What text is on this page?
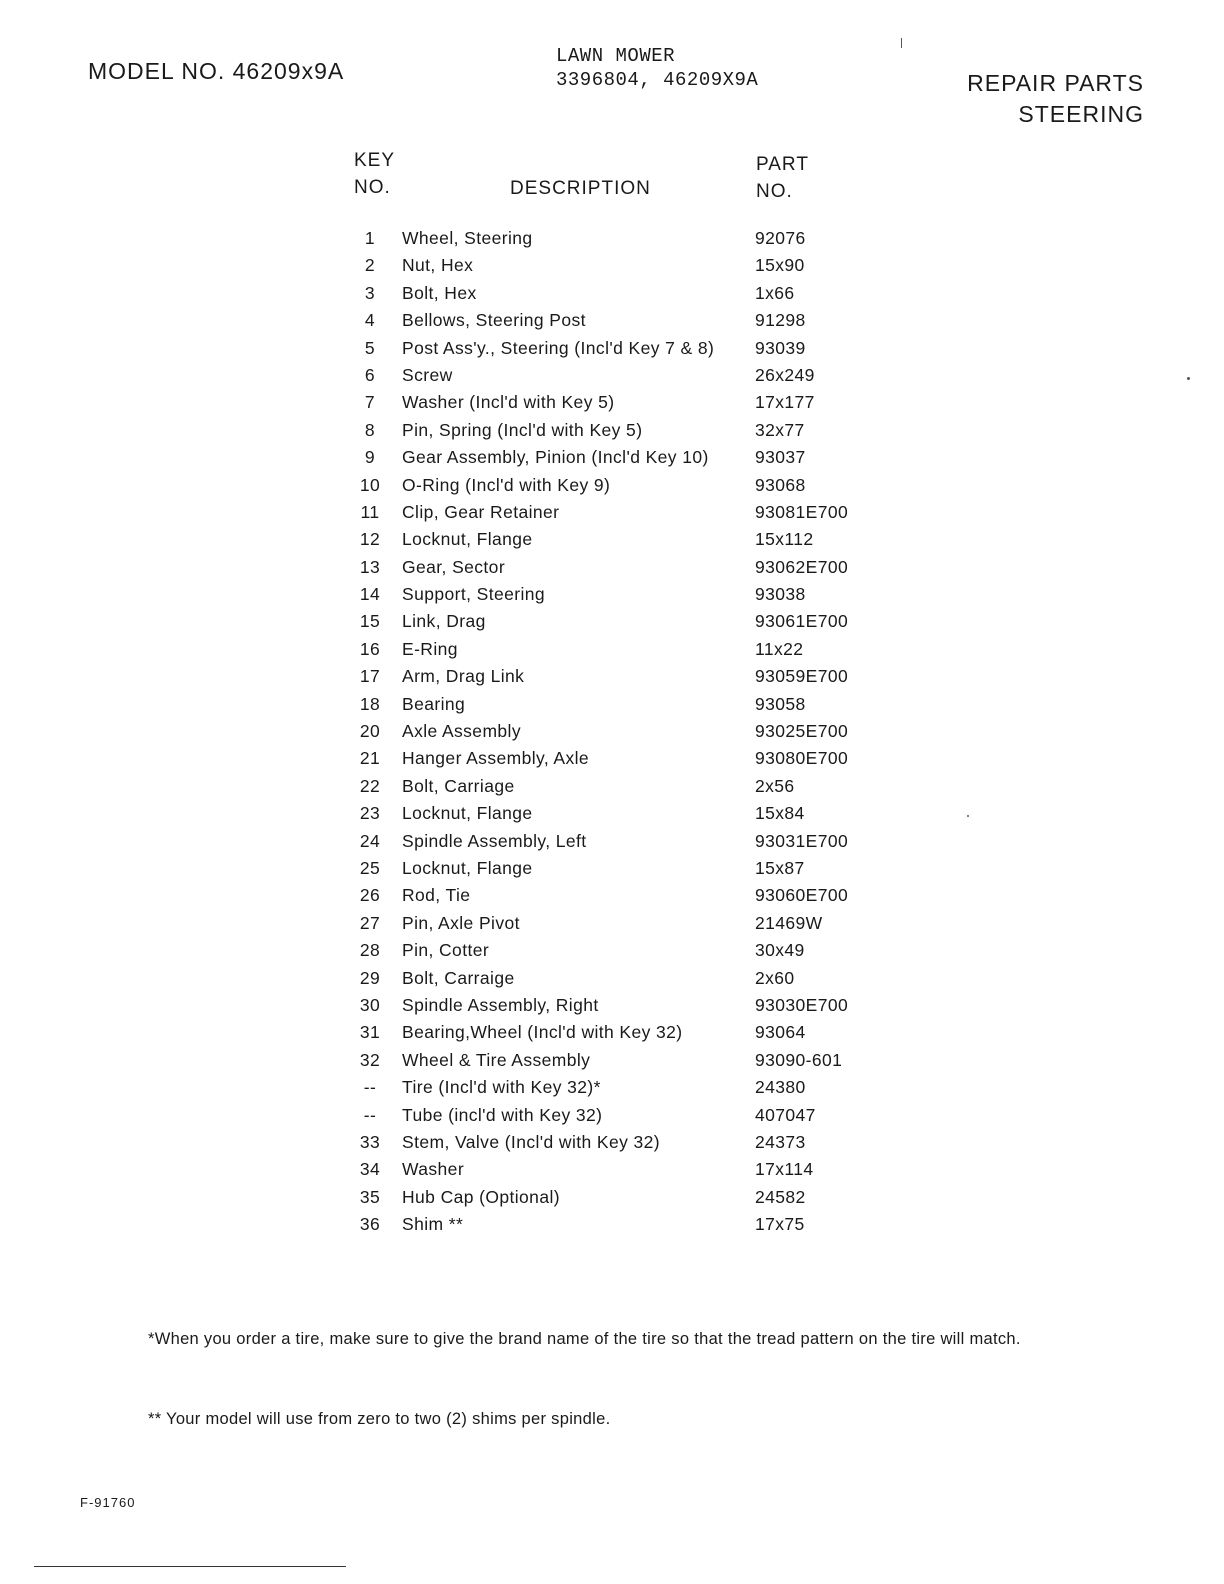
MODEL NO. 46209x9A
LAWN MOWER
3396804, 46209X9A	REPAIR PARTS
STEERING
KEY
NO.	DESCRIPTION
PART
NO.
1	Wheel, Steering	92076
2	Nut, Hex	15x90
3	Bolt, Hex	1x66
4	Bellows, Steering Post	91298
5	Post Ass'y., Steering (Incl'd Key 7 & 8) 93039
6	Screw	26x249
7	Washer (Incl'd with Key 5)	17x177
8	Pin, Spring (Incl'd with Key 5)	32x77
9	Gear Assembly, Pinion (Incl'd Key 10)	93037
10 O-Ring (Incl'd with Key 9)	93068
11 Clip, Gear Retainer	93081E700
12 Locknut, Flange	15x112
13 Gear, Sector	93062E700
14 Support, Steering	93038
15 Link, Drag	93061E700
16 E-Ring	11x22
17 Arm, Drag Link	93059E700
18 Bearing	93058
20 Axle Assembly	93025E700
21 Hanger Assembly, Axle	93080E700
22 Bolt, Carriage	2x56
23 Locknut, Flange	15x84
24 Spindle Assembly, Left	93031E700
25 Locknut, Flange	15x87
26 Rod, Tie	93060E700
27 Pin, Axle Pivot	21469W
28 Pin, Cotter	30x49
29 Bolt, Carraige	2x60
30 Spindle Assembly, Right	93030E700
31 Bearing,Wheel (Incl'd with Key 32)	93064
32 Wheel & Tire Assembly	93090-601
--	Tire (Incl'd with Key 32)*	24380
--	Tube (incl'd with Key 32)	407047
33 Stem, Valve (Incl'd with Key 32)	24373
34 Washer	17x114
35 Hub Cap (Optional)	24582
36 Shim **	17x75
*When you order a tire, make sure to give the brand name of the tire so that the tread pattern on the tire will match.
** Your model will use from zero to two (2) shims per spindle.
F-91760
